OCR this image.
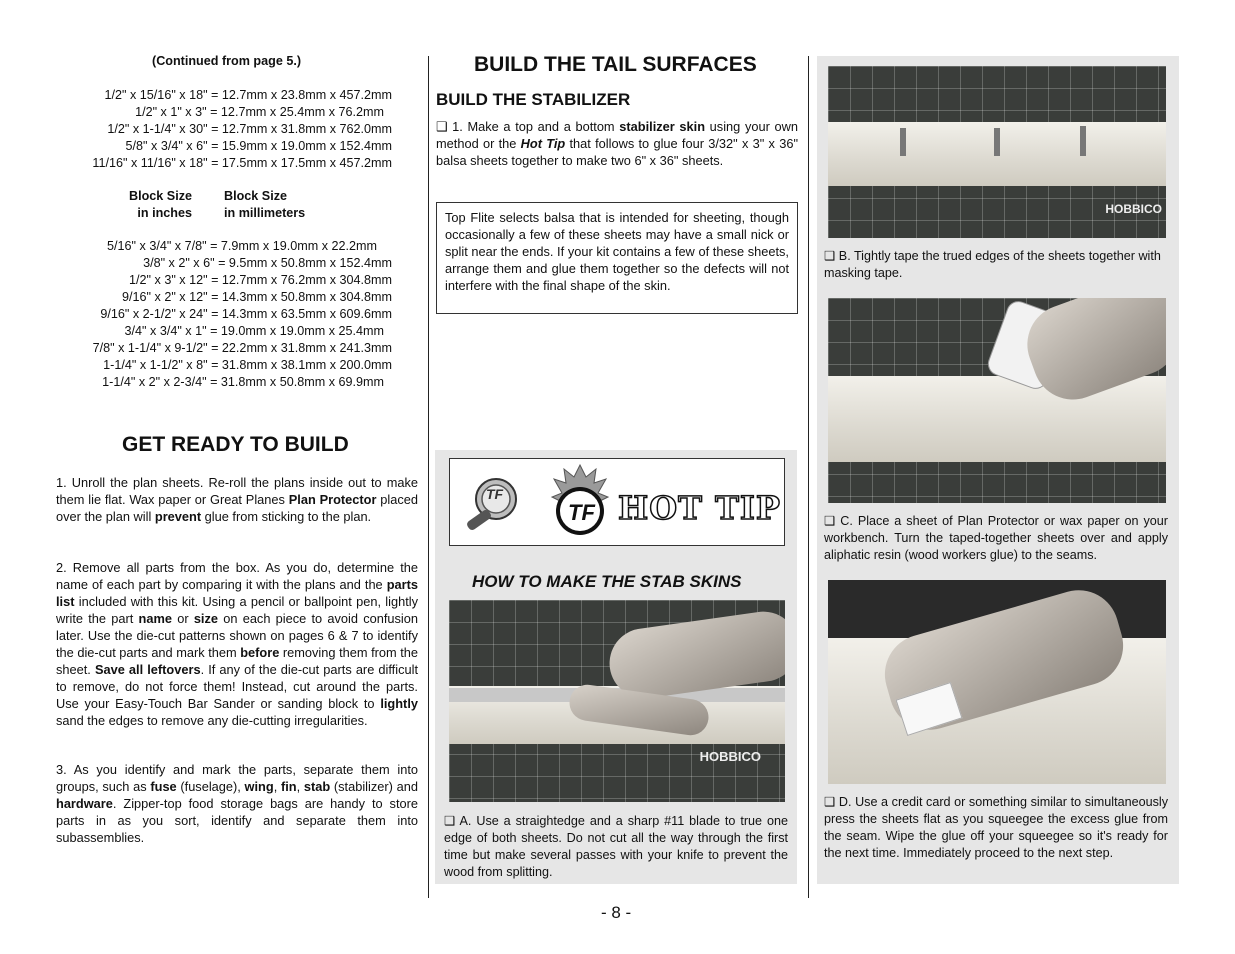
(Continued from page 5.)
1/2" x 15/16" x 18" = 12.7mm x 23.8mm x 457.2mm
1/2" x 1" x 3" = 12.7mm x 25.4mm x 76.2mm
1/2" x 1-1/4" x 30" = 12.7mm x 31.8mm x 762.0mm
5/8" x 3/4" x 6" = 15.9mm x 19.0mm x 152.4mm
11/16" x 11/16" x 18" = 17.5mm x 17.5mm x 457.2mm
Block Size
in inches
Block Size
in millimeters
5/16" x 3/4" x 7/8" = 7.9mm x 19.0mm x 22.2mm
3/8" x 2" x 6" = 9.5mm x 50.8mm x 152.4mm
1/2" x 3" x 12" = 12.7mm x 76.2mm x 304.8mm
9/16" x 2" x 12" = 14.3mm x 50.8mm x 304.8mm
9/16" x 2-1/2" x 24" = 14.3mm x 63.5mm x 609.6mm
3/4" x 3/4" x 1" = 19.0mm x 19.0mm x 25.4mm
7/8" x 1-1/4" x 9-1/2" = 22.2mm x 31.8mm x 241.3mm
1-1/4" x 1-1/2" x 8" = 31.8mm x 38.1mm x 200.0mm
1-1/4" x 2" x 2-3/4" = 31.8mm x 50.8mm x 69.9mm
GET READY TO BUILD

1. Unroll the plan sheets. Re-roll the plans inside out to make them lie flat. Wax paper or Great Planes Plan Protector placed over the plan will prevent glue from sticking to the plan.

2. Remove all parts from the box. As you do, determine the name of each part by comparing it with the plans and the parts list included with this kit. Using a pencil or ballpoint pen, lightly write the part name or size on each piece to avoid confusion later. Use the die-cut patterns shown on pages 6 & 7 to identify the die-cut parts and mark them before removing them from the sheet. Save all leftovers. If any of the die-cut parts are difficult to remove, do not force them! Instead, cut around the parts. Use your Easy-Touch Bar Sander or sanding block to lightly sand the edges to remove any die-cutting irregularities.

3. As you identify and mark the parts, separate them into groups, such as fuse (fuselage), wing, fin, stab (stabilizer) and hardware. Zipper-top food storage bags are handy to store parts in as you sort, identify and separate them into subassemblies.

BUILD THE TAIL SURFACES
BUILD THE STABILIZER

❑ 1. Make a top and a bottom stabilizer skin using your own method or the Hot Tip that follows to glue four 3/32" x 3" x 36" balsa sheets together to make two 6" x 36" sheets.

Top Flite selects balsa that is intended for sheeting, though occasionally a few of these sheets may have a small nick or split near the ends. If your kit contains a few of these sheets, arrange them and glue them together so the defects will not interfere with the final shape of the skin.

TF
TF HOT TIP
HOW TO MAKE THE STAB SKINS
HOBBICO

❑ A. Use a straightedge and a sharp #11 blade to true one edge of both sheets. Do not cut all the way through the first time but make several passes with your knife to prevent the wood from splitting.

HOBBICO

❑ B. Tightly tape the trued edges of the sheets together with masking tape.

❑ C. Place a sheet of Plan Protector or wax paper on your workbench. Turn the taped-together sheets over and apply aliphatic resin (wood workers glue) to the seams.

❑ D. Use a credit card or something similar to simultaneously press the sheets flat as you squeegee the excess glue from the seam. Wipe the glue off your squeegee so it's ready for the next time. Immediately proceed to the next step.

- 8 -
